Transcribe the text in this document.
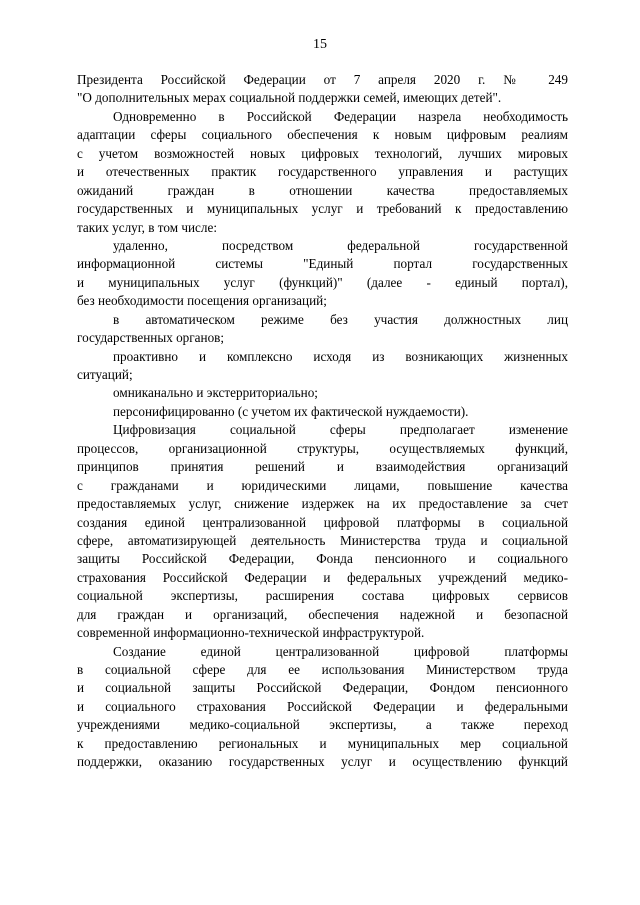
15
Президента Российской Федерации от 7 апреля 2020 г. № 249
"О дополнительных мерах социальной поддержки семей, имеющих детей".
Одновременно в Российской Федерации назрела необходимость
адаптации сферы социального обеспечения к новым цифровым реалиям
с учетом возможностей новых цифровых технологий, лучших мировых
и отечественных практик государственного управления и растущих
ожиданий граждан в отношении качества предоставляемых
государственных и муниципальных услуг и требований к предоставлению
таких услуг, в том числе:
удаленно, посредством федеральной государственной
информационной системы "Единый портал государственных
и муниципальных услуг (функций)" (далее - единый портал),
без необходимости посещения организаций;
в автоматическом режиме без участия должностных лиц
государственных органов;
проактивно и комплексно исходя из возникающих жизненных
ситуаций;
омниканально и экстерриториально;
персонифицированно (с учетом их фактической нуждаемости).
Цифровизация социальной сферы предполагает изменение
процессов, организационной структуры, осуществляемых функций,
принципов принятия решений и взаимодействия организаций
с гражданами и юридическими лицами, повышение качества
предоставляемых услуг, снижение издержек на их предоставление за счет
создания единой централизованной цифровой платформы в социальной
сфере, автоматизирующей деятельность Министерства труда и социальной
защиты Российской Федерации, Фонда пенсионного и социального
страхования Российской Федерации и федеральных учреждений медико-
социальной экспертизы, расширения состава цифровых сервисов
для граждан и организаций, обеспечения надежной и безопасной
современной информационно-технической инфраструктурой.
Создание единой централизованной цифровой платформы
в социальной сфере для ее использования Министерством труда
и социальной защиты Российской Федерации, Фондом пенсионного
и социального страхования Российской Федерации и федеральными
учреждениями медико-социальной экспертизы, а также переход
к предоставлению региональных и муниципальных мер социальной
поддержки, оказанию государственных услуг и осуществлению функций
